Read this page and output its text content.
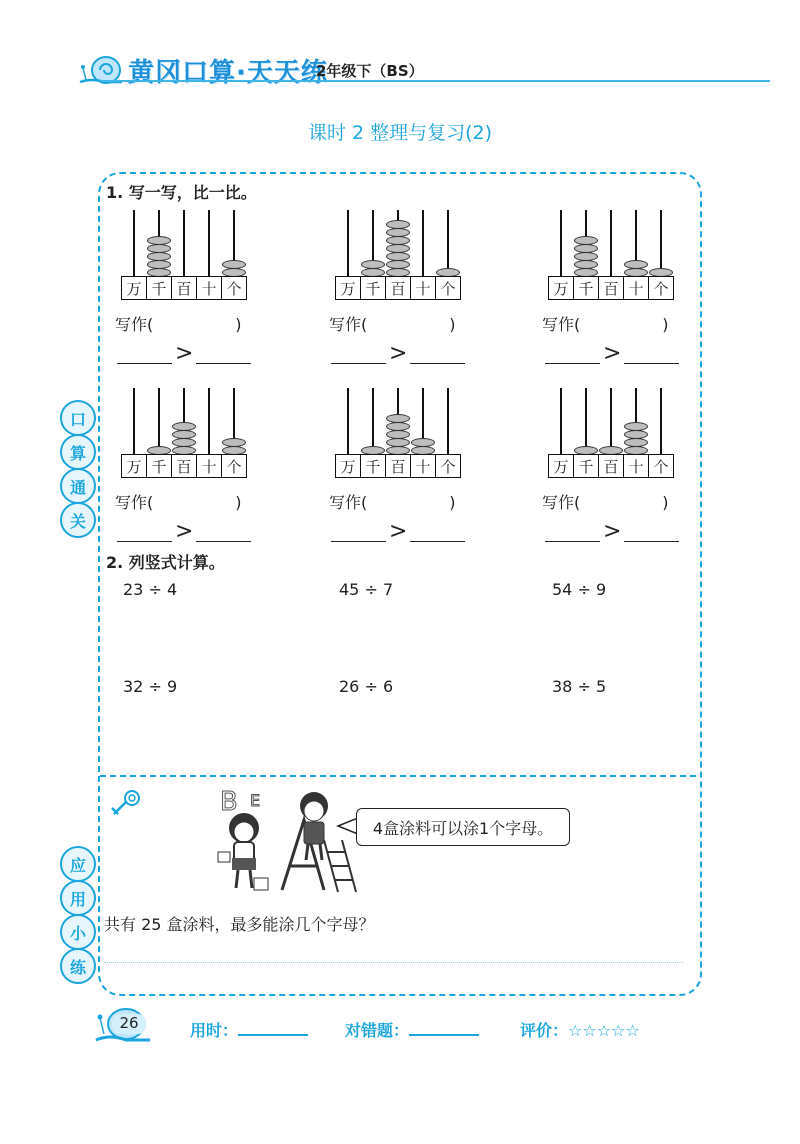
黄冈口算·天天练
2年级下（BS）
课时 2 整理与复习(2)
口
算
通
关
应
用
小
练
1. 写一写，比一比。
万 千 百 十 个	万 千 百 十 个	万 千 百 十 个
万 千 百 十 个	万 千 百 十 个	万 千 百 十 个
写作(	)	写作(	)	写作(	)
写作(	)	写作(	)	写作(	)
>	>	>
>	>	>
2. 列竖式计算。
23 ÷ 4	45 ÷ 7	54 ÷ 9
32 ÷ 9	26 ÷ 6	38 ÷ 5
B E
4盒涂料可以涂1个字母。
共有 25 盒涂料，最多能涂几个字母？
26	用时：	对错题：	评价：☆☆☆☆☆
